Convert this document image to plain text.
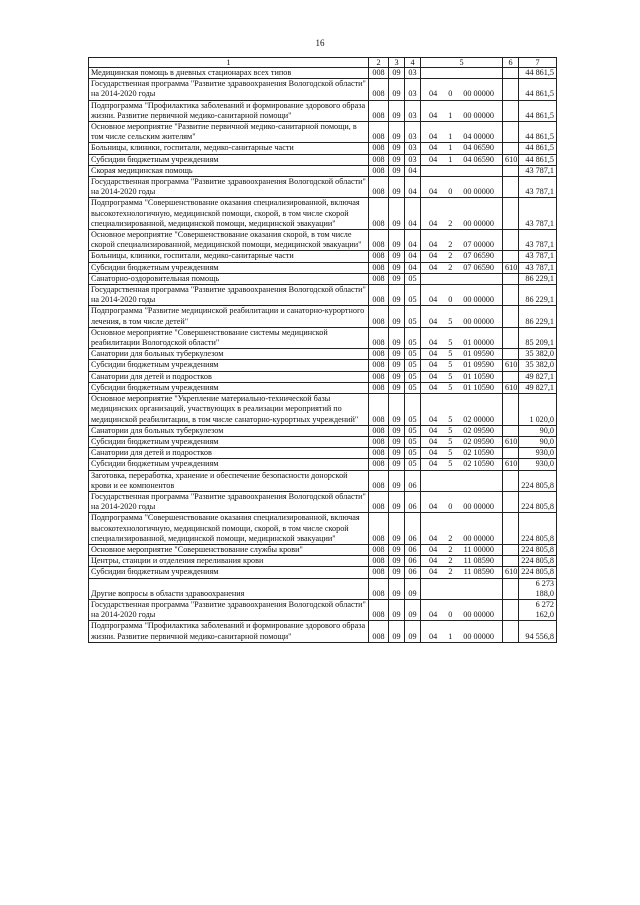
16
1	2	3	4	5	6	7
Медицинская помощь в дневных стационарах всех типов	008	09	03			44 861,5
Государственная программа "Развитие здравоохранения Вологодской области" на 2014-2020 годы	008	09	03	04 0 00 00000		44 861,5
Подпрограмма "Профилактика заболеваний и формирование здорового образа жизни. Развитие первичной медико-санитарной помощи"	008	09	03	04 1 00 00000		44 861,5
Основное мероприятие "Развитие первичной медико-санитарной помощи, в том числе сельским жителям"	008	09	03	04 1 04 00000		44 861,5
Больницы, клиники, госпитали, медико-санитарные части	008	09	03	04 1 04 06590		44 861,5
Субсидии бюджетным учреждениям	008	09	03	04 1 04 06590	610	44 861,5
Скорая медицинская помощь	008	09	04			43 787,1
Государственная программа "Развитие здравоохранения Вологодской области" на 2014-2020 годы	008	09	04	04 0 00 00000		43 787,1
Подпрограмма "Совершенствование оказания специализированной, включая высокотехнологичную, медицинской помощи, скорой, в том числе скорой специализированной, медицинской помощи, медицинской эвакуации"	008	09	04	04 2 00 00000		43 787,1
Основное мероприятие "Совершенствование оказания скорой, в том числе скорой специализированной, медицинской помощи, медицинской эвакуации"	008	09	04	04 2 07 00000		43 787,1
Больницы, клиники, госпитали, медико-санитарные части	008	09	04	04 2 07 06590		43 787,1
Субсидии бюджетным учреждениям	008	09	04	04 2 07 06590	610	43 787,1
Санаторно-оздоровительная помощь	008	09	05			86 229,1
Государственная программа "Развитие здравоохранения Вологодской области" на 2014-2020 годы	008	09	05	04 0 00 00000		86 229,1
Подпрограмма "Развитие медицинской реабилитации и санаторно-курортного лечения, в том числе детей"	008	09	05	04 5 00 00000		86 229,1
Основное мероприятие "Совершенствование системы медицинской реабилитации Вологодской области"	008	09	05	04 5 01 00000		85 209,1
Санатории для больных туберкулезом	008	09	05	04 5 01 09590		35 382,0
Субсидии бюджетным учреждениям	008	09	05	04 5 01 09590	610	35 382,0
Санатории для детей и подростков	008	09	05	04 5 01 10590		49 827,1
Субсидии бюджетным учреждениям	008	09	05	04 5 01 10590	610	49 827,1
Основное мероприятие "Укрепление материально-технической базы медицинских организаций, участвующих в реализации мероприятий по медицинской реабилитации, в том числе санаторно-курортных учреждений"	008	09	05	04 5 02 00000		1 020,0
Санатории для больных туберкулезом	008	09	05	04 5 02 09590		90,0
Субсидии бюджетным учреждениям	008	09	05	04 5 02 09590	610	90,0
Санатории для детей и подростков	008	09	05	04 5 02 10590		930,0
Субсидии бюджетным учреждениям	008	09	05	04 5 02 10590	610	930,0
Заготовка, переработка, хранение и обеспечение безопасности донорской крови и ее компонентов	008	09	06			224 805,8
Государственная программа "Развитие здравоохранения Вологодской области" на 2014-2020 годы	008	09	06	04 0 00 00000		224 805,8
Подпрограмма "Совершенствование оказания специализированной, включая высокотехнологичную, медицинской помощи, скорой, в том числе скорой специализированной, медицинской помощи, медицинской эвакуации"	008	09	06	04 2 00 00000		224 805,8
Основное мероприятие "Совершенствование службы крови"	008	09	06	04 2 11 00000		224 805,8
Центры, станции и отделения переливания крови	008	09	06	04 2 11 08590		224 805,8
Субсидии бюджетным учреждениям	008	09	06	04 2 11 08590	610	224 805,8
Другие вопросы в области здравоохранения	008	09	09			6 273 188,0
Государственная программа "Развитие здравоохранения Вологодской области" на 2014-2020 годы	008	09	09	04 0 00 00000		6 272 162,0
Подпрограмма "Профилактика заболеваний и формирование здорового образа жизни. Развитие первичной медико-санитарной помощи"	008	09	09	04 1 00 00000		94 556,8
